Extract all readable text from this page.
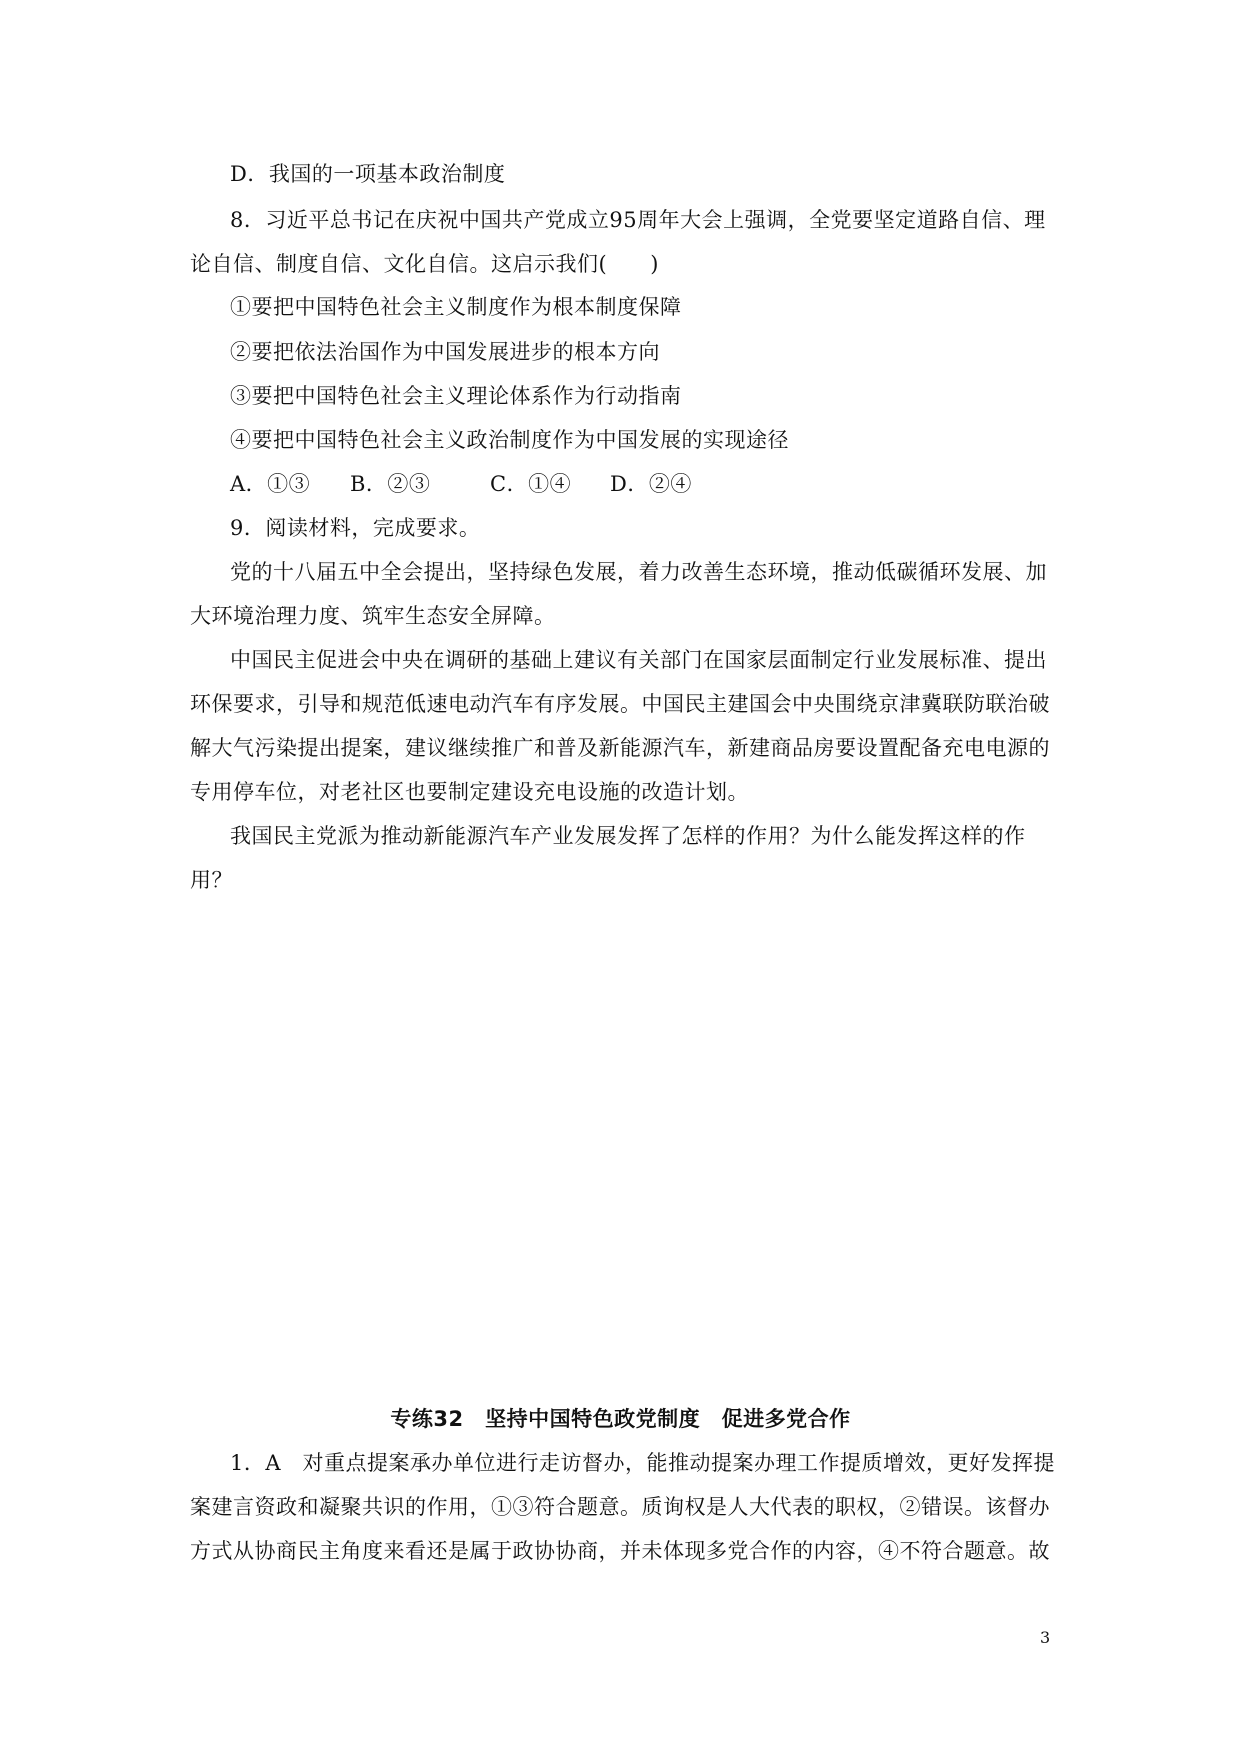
D．我国的一项基本政治制度
8．习近平总书记在庆祝中国共产党成立95周年大会上强调，全党要坚定道路自信、理
论自信、制度自信、文化自信。这启示我们(　　)
①要把中国特色社会主义制度作为根本制度保障
②要把依法治国作为中国发展进步的根本方向
③要把中国特色社会主义理论体系作为行动指南
④要把中国特色社会主义政治制度作为中国发展的实现途径
A．①③ B．②③	C．①④ D．②④
9．阅读材料，完成要求。
党的十八届五中全会提出，坚持绿色发展，着力改善生态环境，推动低碳循环发展、加
大环境治理力度、筑牢生态安全屏障。
中国民主促进会中央在调研的基础上建议有关部门在国家层面制定行业发展标准、提出
环保要求，引导和规范低速电动汽车有序发展。中国民主建国会中央围绕京津冀联防联治破
解大气污染提出提案，建议继续推广和普及新能源汽车，新建商品房要设置配备充电电源的
专用停车位，对老社区也要制定建设充电设施的改造计划。
我国民主党派为推动新能源汽车产业发展发挥了怎样的作用？为什么能发挥这样的作
用？
专练32　坚持中国特色政党制度　促进多党合作
1．A　对重点提案承办单位进行走访督办，能推动提案办理工作提质增效，更好发挥提
案建言资政和凝聚共识的作用，①③符合题意。质询权是人大代表的职权，②错误。该督办
方式从协商民主角度来看还是属于政协协商，并未体现多党合作的内容，④不符合题意。故
3
